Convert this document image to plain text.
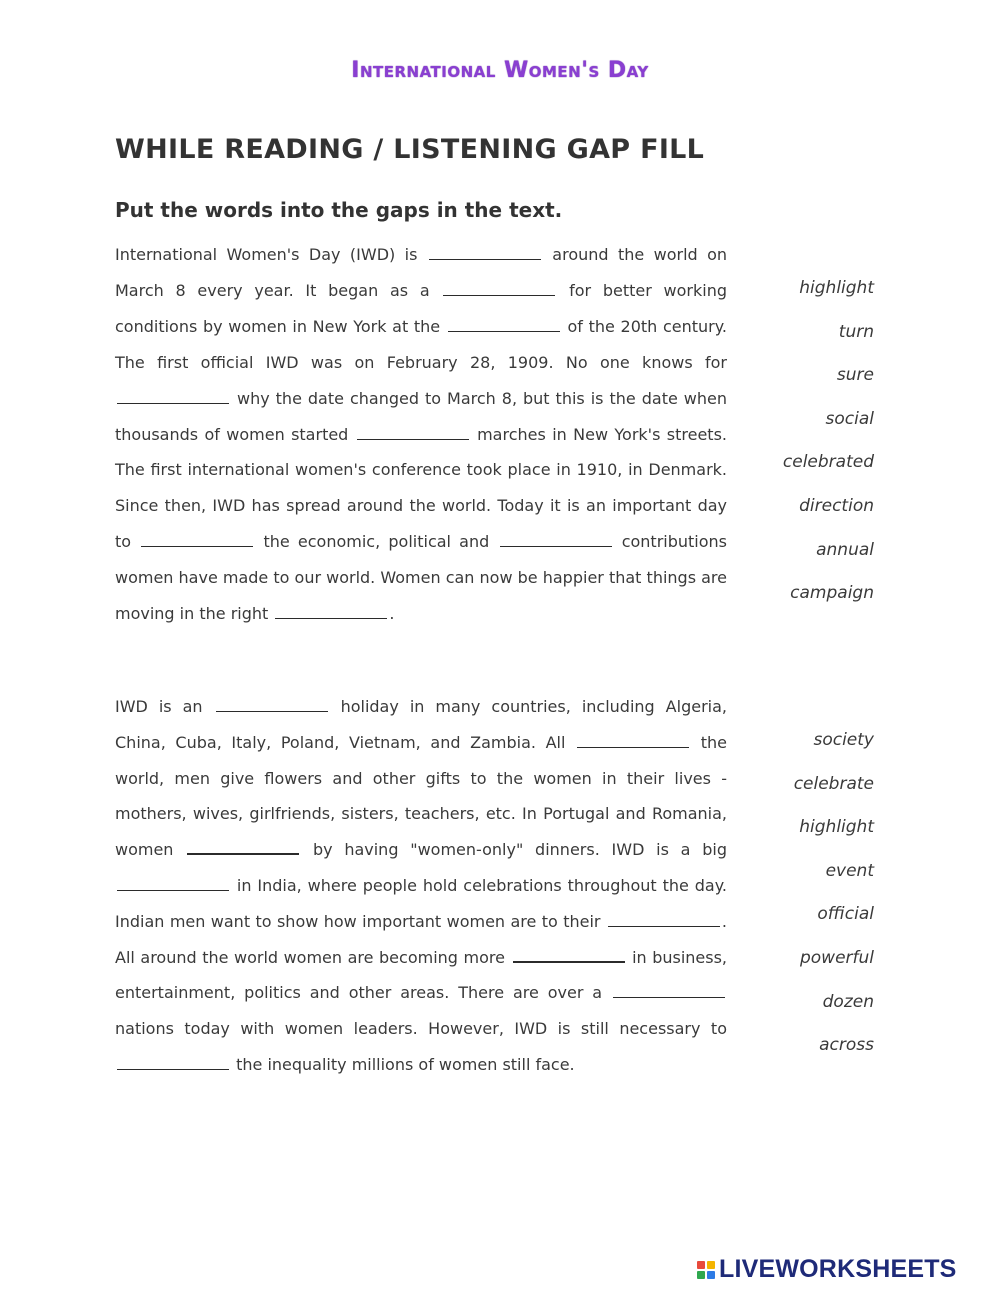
International Women's Day
WHILE READING / LISTENING GAP FILL
Put the words into the gaps in the text.

International Women's Day (IWD) is	around the world on March 8 every year. It began as a	for better working conditions by women in New York at the	of the 20th century. The first official IWD was on February 28, 1909. No one knows for  why the date changed to March 8, but this is the date when thousands of women started	marches in New York's streets. The first international women's conference took place in 1910, in Denmark. Since then, IWD has spread around the world. Today it is an important day to	the economic, political and	contributions women have made to our world. Women can now be happier that things are moving in the right	.

highlight
turn
sure
social
celebrated
direction
annual
campaign

IWD is an	holiday in many countries, including Algeria, China, Cuba, Italy, Poland, Vietnam, and Zambia. All	the world, men give flowers and other gifts to the women in their lives - mothers, wives, girlfriends, sisters, teachers, etc. In Portugal and Romania, women	by having "women-only" dinners. IWD is a big  in India, where people hold celebrations throughout the day. Indian men want to show how important women are to their	. All around the world women are becoming more	in business, entertainment, politics and other areas. There are over a  nations today with women leaders. However, IWD is still necessary to  the inequality millions of women still face.

society
celebrate
highlight
event
official
powerful
dozen
across
LIVEWORKSHEETS
